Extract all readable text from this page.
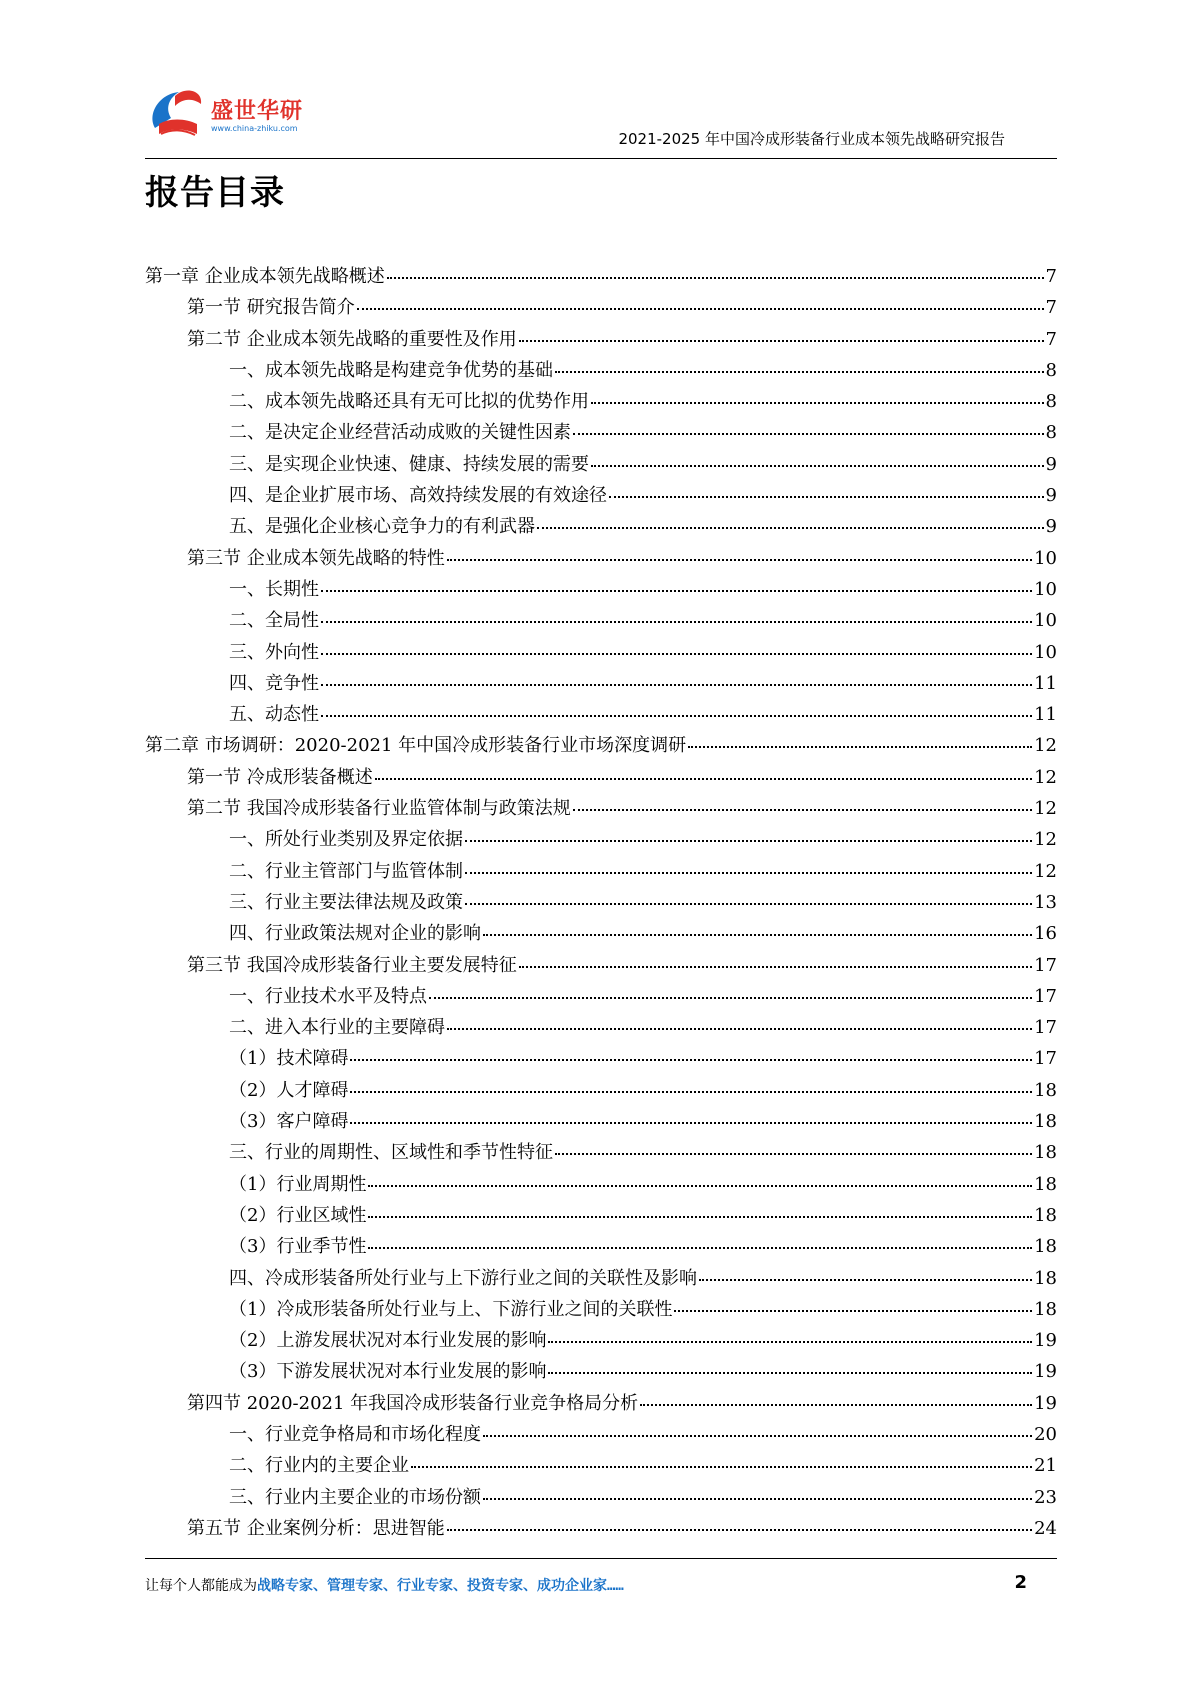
盛世华研
www.china-zhiku.com
2021-2025 年中国冷成形装备行业成本领先战略研究报告
报告目录
第一章 企业成本领先战略概述	7
第一节 研究报告简介	7
第二节 企业成本领先战略的重要性及作用	7
一、成本领先战略是构建竞争优势的基础	8
二、成本领先战略还具有无可比拟的优势作用	8
二、是决定企业经营活动成败的关键性因素	8
三、是实现企业快速、健康、持续发展的需要	9
四、是企业扩展市场、高效持续发展的有效途径	9
五、是强化企业核心竞争力的有利武器	9
第三节 企业成本领先战略的特性	10
一、长期性	10
二、全局性	10
三、外向性	10
四、竞争性	11
五、动态性	11
第二章 市场调研：2020-2021 年中国冷成形装备行业市场深度调研	12
第一节 冷成形装备概述	12
第二节 我国冷成形装备行业监管体制与政策法规	12
一、所处行业类别及界定依据	12
二、行业主管部门与监管体制	12
三、行业主要法律法规及政策	13
四、行业政策法规对企业的影响	16
第三节 我国冷成形装备行业主要发展特征	17
一、行业技术水平及特点	17
二、进入本行业的主要障碍	17
（1）技术障碍	17
（2）人才障碍	18
（3）客户障碍	18
三、行业的周期性、区域性和季节性特征	18
（1）行业周期性	18
（2）行业区域性	18
（3）行业季节性	18
四、冷成形装备所处行业与上下游行业之间的关联性及影响	18
（1）冷成形装备所处行业与上、下游行业之间的关联性	18
（2）上游发展状况对本行业发展的影响	19
（3）下游发展状况对本行业发展的影响	19
第四节 2020-2021 年我国冷成形装备行业竞争格局分析	19
一、行业竞争格局和市场化程度	20
二、行业内的主要企业	21
三、行业内主要企业的市场份额	23
第五节 企业案例分析：思进智能	24
让每个人都能成为战略专家、管理专家、行业专家、投资专家、成功企业家……	2
